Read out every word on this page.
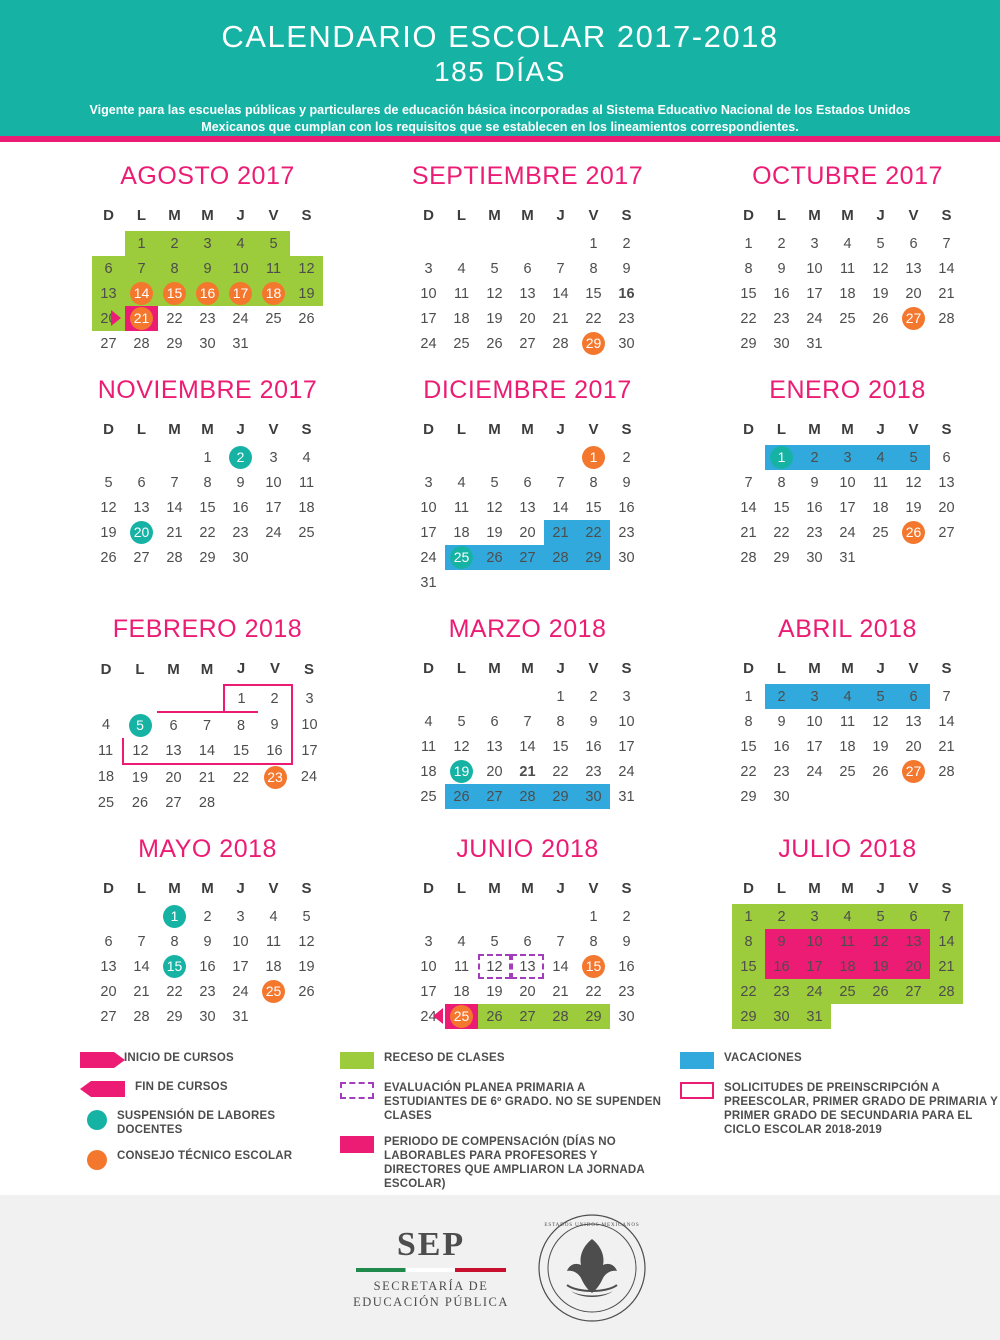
CALENDARIO ESCOLAR 2017-2018
185 DÍAS
Vigente para las escuelas públicas y particulares de educación básica incorporadas al Sistema Educativo Nacional de los Estados Unidos Mexicanos que cumplan con los requisitos que se establecen en los lineamientos correspondientes.
AGOSTO 2017
D	L	M	M	J	V	S
	1	2	3	4	5	
6	7	8	9	10	11	12
13	14	15	16	17	18	19
20	21	22	23	24	25	26
27	28	29	30	31		
SEPTIEMBRE 2017
D	L	M	M	J	V	S
					1	2
3	4	5	6	7	8	9
10	11	12	13	14	15	16
17	18	19	20	21	22	23
24	25	26	27	28	29	30
OCTUBRE 2017
D	L	M	M	J	V	S
1	2	3	4	5	6	7
8	9	10	11	12	13	14
15	16	17	18	19	20	21
22	23	24	25	26	27	28
29	30	31				
NOVIEMBRE 2017
D	L	M	M	J	V	S
			1	2	3	4
5	6	7	8	9	10	11
12	13	14	15	16	17	18
19	20	21	22	23	24	25
26	27	28	29	30		
DICIEMBRE 2017
D	L	M	M	J	V	S
					1	2
3	4	5	6	7	8	9
10	11	12	13	14	15	16
17	18	19	20	21	22	23
24	25	26	27	28	29	30
31						
ENERO 2018
D	L	M	M	J	V	S
	1	2	3	4	5	6
7	8	9	10	11	12	13
14	15	16	17	18	19	20
21	22	23	24	25	26	27
28	29	30	31			
FEBRERO 2018
D	L	M	M	J	V	S
				1	2	3
4	5	6	7	8	9	10
11	12	13	14	15	16	17
18	19	20	21	22	23	24
25	26	27	28			
MARZO 2018
D	L	M	M	J	V	S
				1	2	3
4	5	6	7	8	9	10
11	12	13	14	15	16	17
18	19	20	21	22	23	24
25	26	27	28	29	30	31
ABRIL 2018
D	L	M	M	J	V	S
1	2	3	4	5	6	7
8	9	10	11	12	13	14
15	16	17	18	19	20	21
22	23	24	25	26	27	28
29	30					
MAYO 2018
D	L	M	M	J	V	S
		1	2	3	4	5
6	7	8	9	10	11	12
13	14	15	16	17	18	19
20	21	22	23	24	25	26
27	28	29	30	31		
JUNIO 2018
D	L	M	M	J	V	S
					1	2
3	4	5	6	7	8	9
10	11	12	13	14	15	16
17	18	19	20	21	22	23
24	25	26	27	28	29	30
JULIO 2018
D	L	M	M	J	V	S
1	2	3	4	5	6	7
8	9	10	11	12	13	14
15	16	17	18	19	20	21
22	23	24	25	26	27	28
29	30	31				
INICIO DE CURSOS
FIN DE CURSOS
SUSPENSIÓN DE LABORES DOCENTES
CONSEJO TÉCNICO ESCOLAR
RECESO DE CLASES
EVALUACIÓN PLANEA PRIMARIA A ESTUDIANTES DE 6º GRADO. NO SE SUPENDEN CLASES
PERIODO DE COMPENSACIÓN (DÍAS NO LABORABLES PARA PROFESORES Y DIRECTORES QUE AMPLIARON LA JORNADA ESCOLAR)
VACACIONES
SOLICITUDES DE PREINSCRIPCIÓN A PREESCOLAR, PRIMER GRADO DE PRIMARIA Y PRIMER GRADO DE SECUNDARIA PARA EL CICLO ESCOLAR 2018-2019
SEP
SECRETARÍA DE
EDUCACIÓN PÚBLICA
ESTADOS UNIDOS MEXICANOS
